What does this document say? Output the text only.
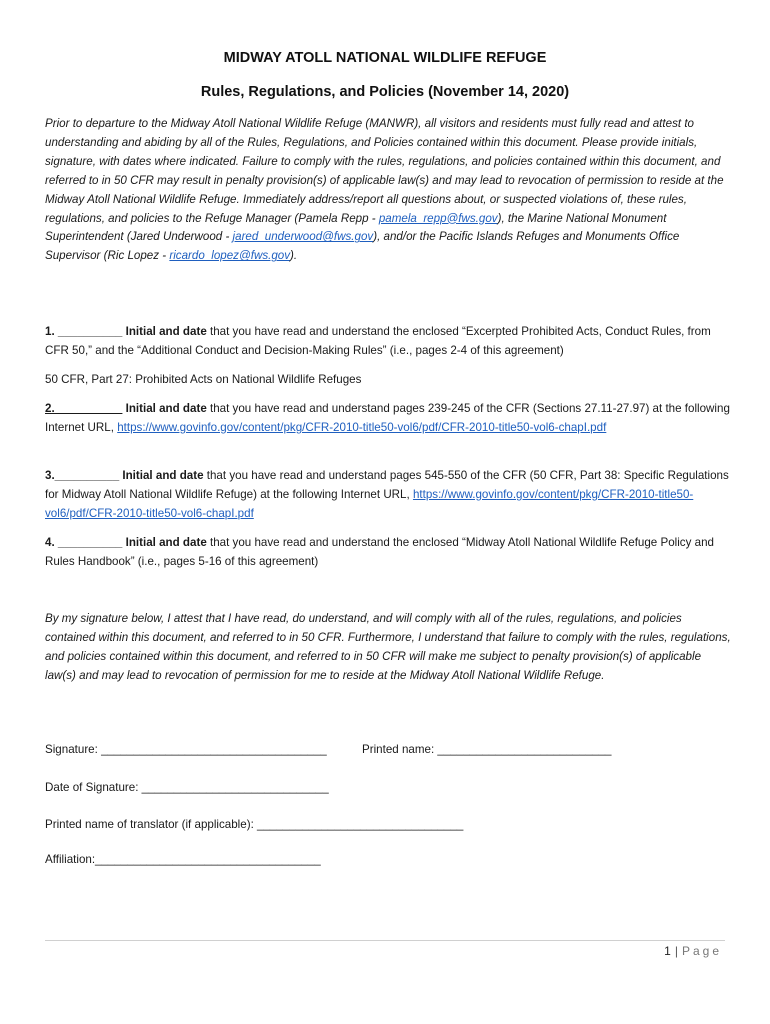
MIDWAY ATOLL NATIONAL WILDLIFE REFUGE
Rules, Regulations, and Policies (November 14, 2020)
Prior to departure to the Midway Atoll National Wildlife Refuge (MANWR), all visitors and residents must fully read and attest to understanding and abiding by all of the Rules, Regulations, and Policies contained within this document. Please provide initials, signature, with dates where indicated. Failure to comply with the rules, regulations, and policies contained within this document, and referred to in 50 CFR may result in penalty provision(s) of applicable law(s) and may lead to revocation of permission to reside at the Midway Atoll National Wildlife Refuge. Immediately address/report all questions about, or suspected violations of, these rules, regulations, and policies to the Refuge Manager (Pamela Repp - pamela_repp@fws.gov), the Marine National Monument Superintendent (Jared Underwood - jared_underwood@fws.gov), and/or the Pacific Islands Refuges and Monuments Office Supervisor (Ric Lopez - ricardo_lopez@fws.gov).
1. __________ Initial and date that you have read and understand the enclosed “Excerpted Prohibited Acts, Conduct Rules, from CFR 50,” and the “Additional Conduct and Decision-Making Rules” (i.e., pages 2-4 of this agreement)
50 CFR, Part 27: Prohibited Acts on National Wildlife Refuges
2. __________ Initial and date that you have read and understand pages 239-245 of the CFR (Sections 27.11-27.97) at the following Internet URL, https://www.govinfo.gov/content/pkg/CFR-2010-title50-vol6/pdf/CFR-2010-title50-vol6-chapI.pdf
3.__________ Initial and date that you have read and understand pages 545-550 of the CFR (50 CFR, Part 38: Specific Regulations for Midway Atoll National Wildlife Refuge) at the following Internet URL, https://www.govinfo.gov/content/pkg/CFR-2010-title50-vol6/pdf/CFR-2010-title50-vol6-chapI.pdf
4. __________ Initial and date that you have read and understand the enclosed “Midway Atoll National Wildlife Refuge Policy and Rules Handbook” (i.e., pages 5-16 of this agreement)
By my signature below, I attest that I have read, do understand, and will comply with all of the rules, regulations, and policies contained within this document, and referred to in 50 CFR. Furthermore, I understand that failure to comply with the rules, regulations, and policies contained within this document, and referred to in 50 CFR will make me subject to penalty provision(s) of applicable law(s) and may lead to revocation of permission for me to reside at the Midway Atoll National Wildlife Refuge.
Signature: ___________________________________	Printed name: ___________________________
Date of Signature: _____________________________
Printed name of translator (if applicable): ________________________________
Affiliation:___________________________________
1 | Page
